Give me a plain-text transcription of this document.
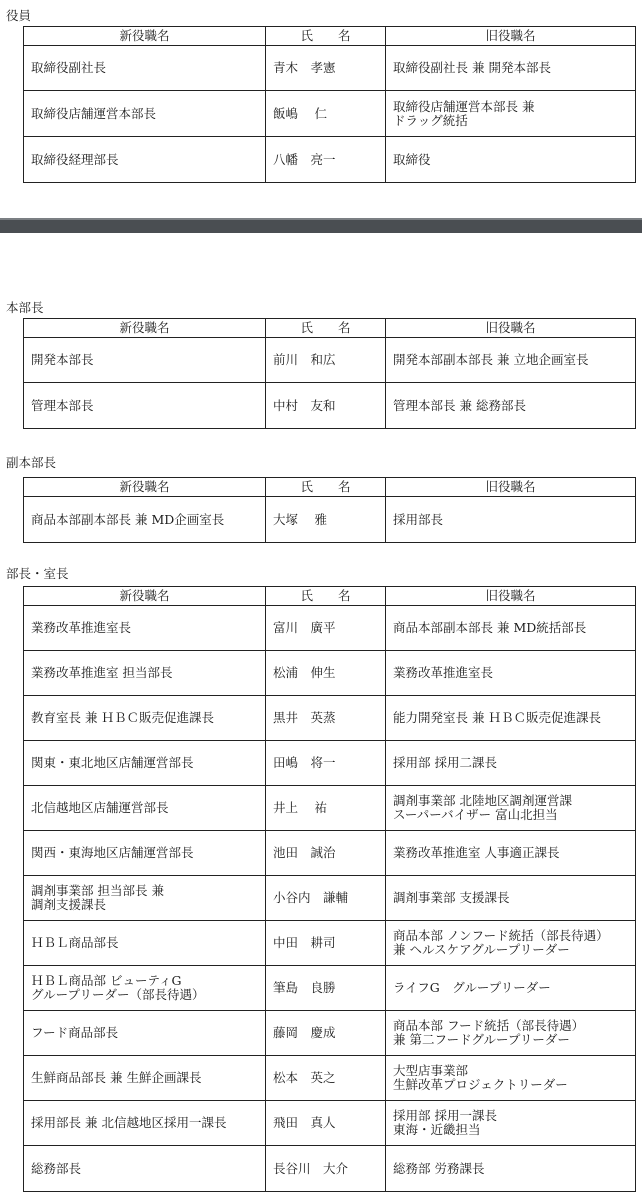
役員
新役職名	氏　　名	旧役職名
取締役副社長	青木　孝憲	取締役副社長 兼 開発本部長
取締役店舗運営本部長	飯嶋　 仁	取締役店舗運営本部長 兼
ドラッグ統括
取締役経理部長	八幡　亮一	取締役
本部長
新役職名	氏　　名	旧役職名
開発本部長	前川　和広	開発本部副本部長 兼 立地企画室長
管理本部長	中村　友和	管理本部長 兼 総務部長
副本部長
新役職名	氏　　名	旧役職名
商品本部副本部長 兼 MD企画室長	大塚　 雅	採用部長
部長・室長
新役職名	氏　　名	旧役職名
業務改革推進室長	富川　廣平	商品本部副本部長 兼 MD統括部長
業務改革推進室 担当部長	松浦　伸生	業務改革推進室長
教育室長 兼 ＨＢＣ販売促進課長	黒井　英蒸	能力開発室長 兼 ＨＢＣ販売促進課長
関東・東北地区店舗運営部長	田嶋　将一	採用部 採用二課長
北信越地区店舗運営部長	井上　 祐	調剤事業部 北陸地区調剤運営課
スーパーバイザー 富山北担当
関西・東海地区店舗運営部長	池田　誠治	業務改革推進室 人事適正課長
調剤事業部 担当部長 兼
調剤支援課長	小谷内　謙輔	調剤事業部 支援課長
ＨＢＬ商品部長	中田　耕司	商品本部 ノンフード統括（部長待遇）
兼 ヘルスケアグループリーダー
ＨＢＬ商品部 ビューティG
グループリーダー（部長待遇）	筆島　良勝	ライフG　グループリーダー
フード商品部長	藤岡　慶成	商品本部 フード統括（部長待遇）
兼 第二フードグループリーダー
生鮮商品部長 兼 生鮮企画課長	松本　英之	大型店事業部
生鮮改革プロジェクトリーダー
採用部長 兼 北信越地区採用一課長	飛田　真人	採用部 採用一課長
東海・近畿担当
総務部長	長谷川　大介	総務部 労務課長
